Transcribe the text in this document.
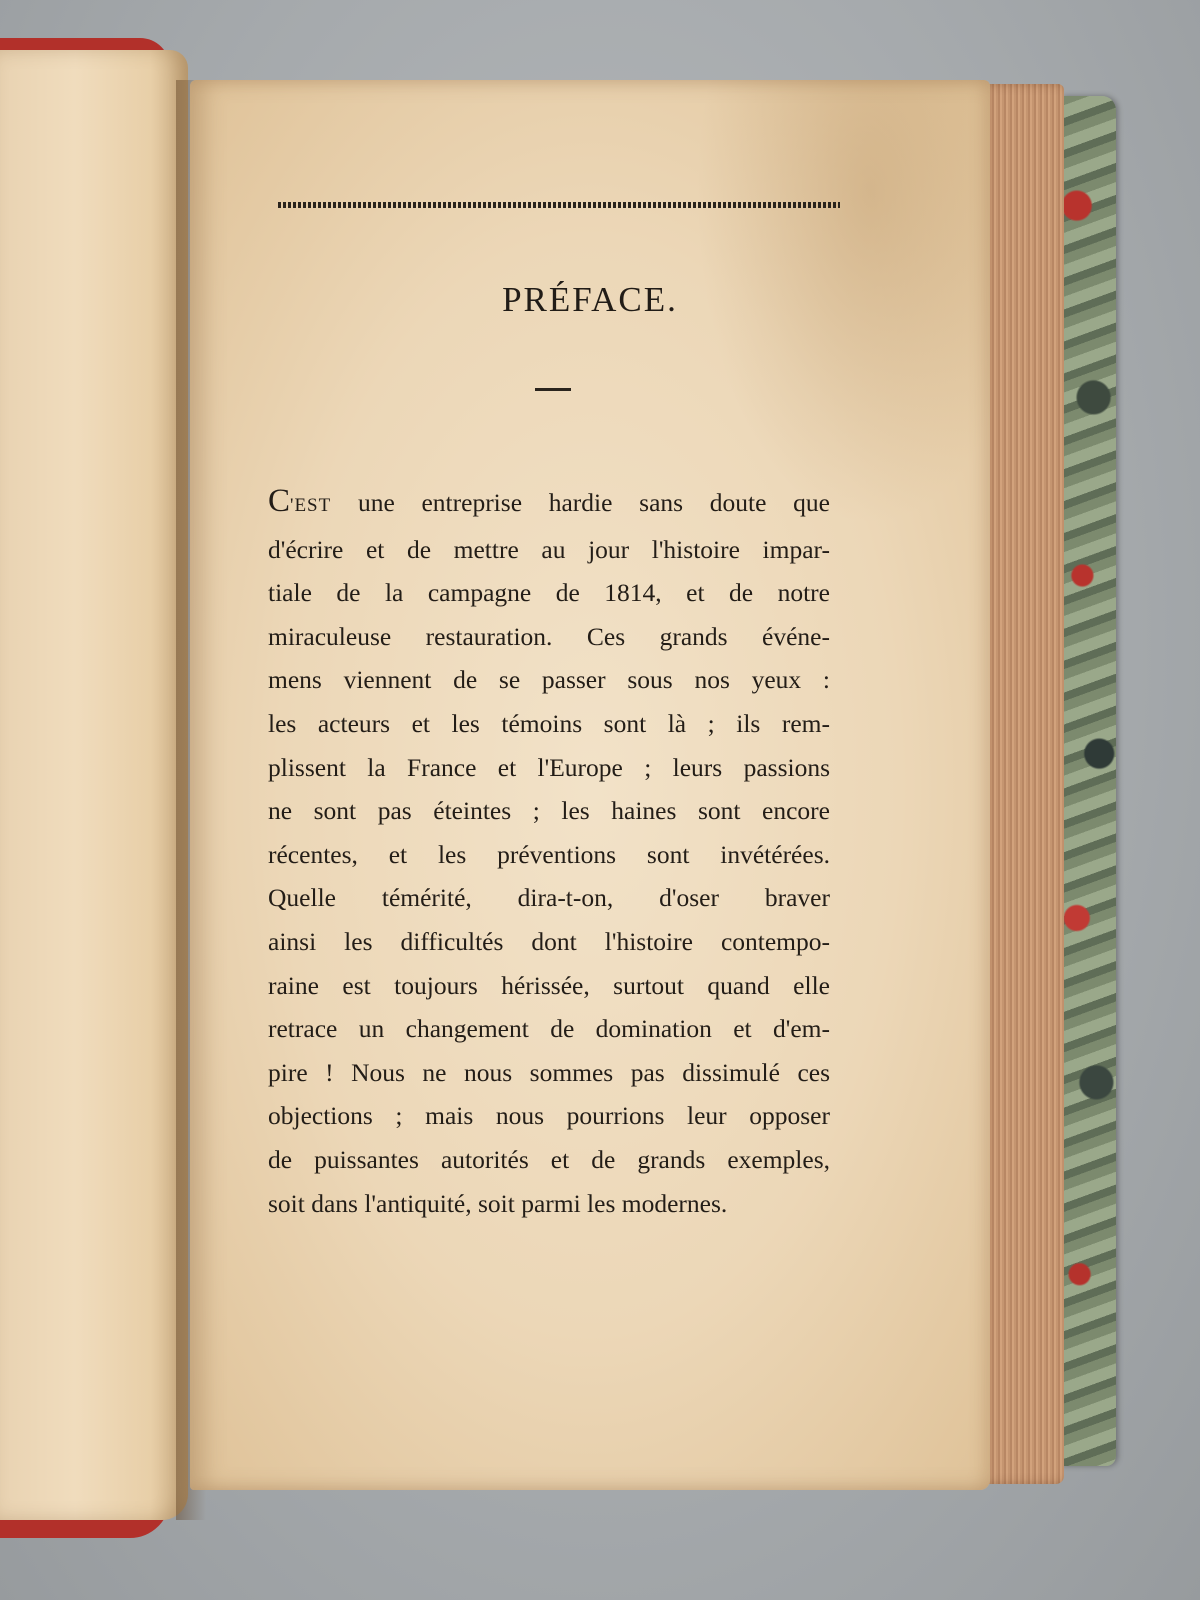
PRÉFACE.
C'EST une entreprise hardie sans doute que
d'écrire et de mettre au jour l'histoire impar-
tiale de la campagne de 1814, et de notre
miraculeuse restauration. Ces grands événe-
mens viennent de se passer sous nos yeux :
les acteurs et les témoins sont là ; ils rem-
plissent la France et l'Europe ; leurs passions
ne sont pas éteintes ; les haines sont encore
récentes, et les préventions sont invétérées.
Quelle témérité, dira-t-on, d'oser braver
ainsi les difficultés dont l'histoire contempo-
raine est toujours hérissée, surtout quand elle
retrace un changement de domination et d'em-
pire ! Nous ne nous sommes pas dissimulé ces
objections ; mais nous pourrions leur opposer
de puissantes autorités et de grands exemples,
soit dans l'antiquité, soit parmi les modernes.
